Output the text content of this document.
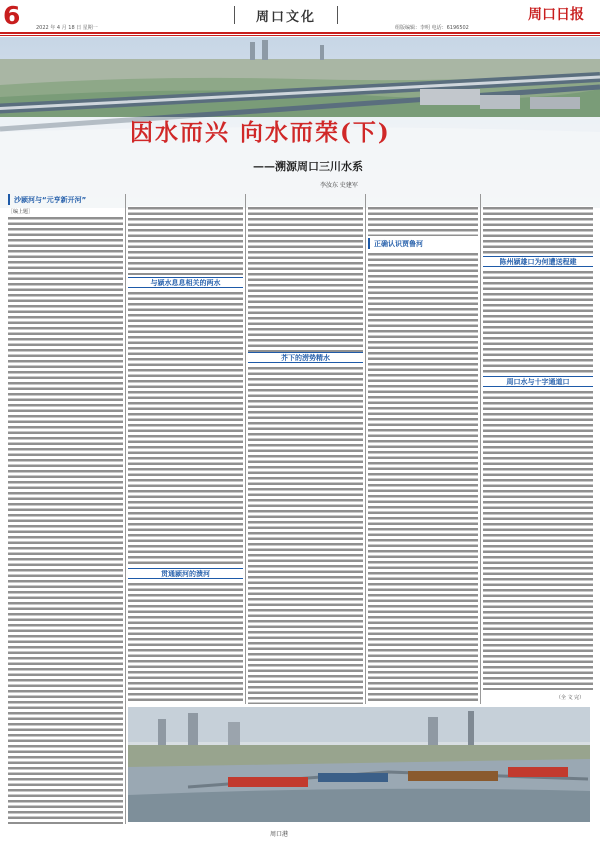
6	2022 年 4 月 18 日 星期一
周口文化
组版编辑：李明 电话：6196502
周口日报
因水而兴 向水而荣(下)
——溯源周口三川水系
李汝东 史建军
沙颍河与“元亨新开河”
［编上题］
与颍水息息相关的两水
贯通颍河的溃河
芥下的涝势精水
正确认识贾鲁河
陈州颍雄口为何遭送程建
周口水与十字通道口
（全 文 完）
周口港
